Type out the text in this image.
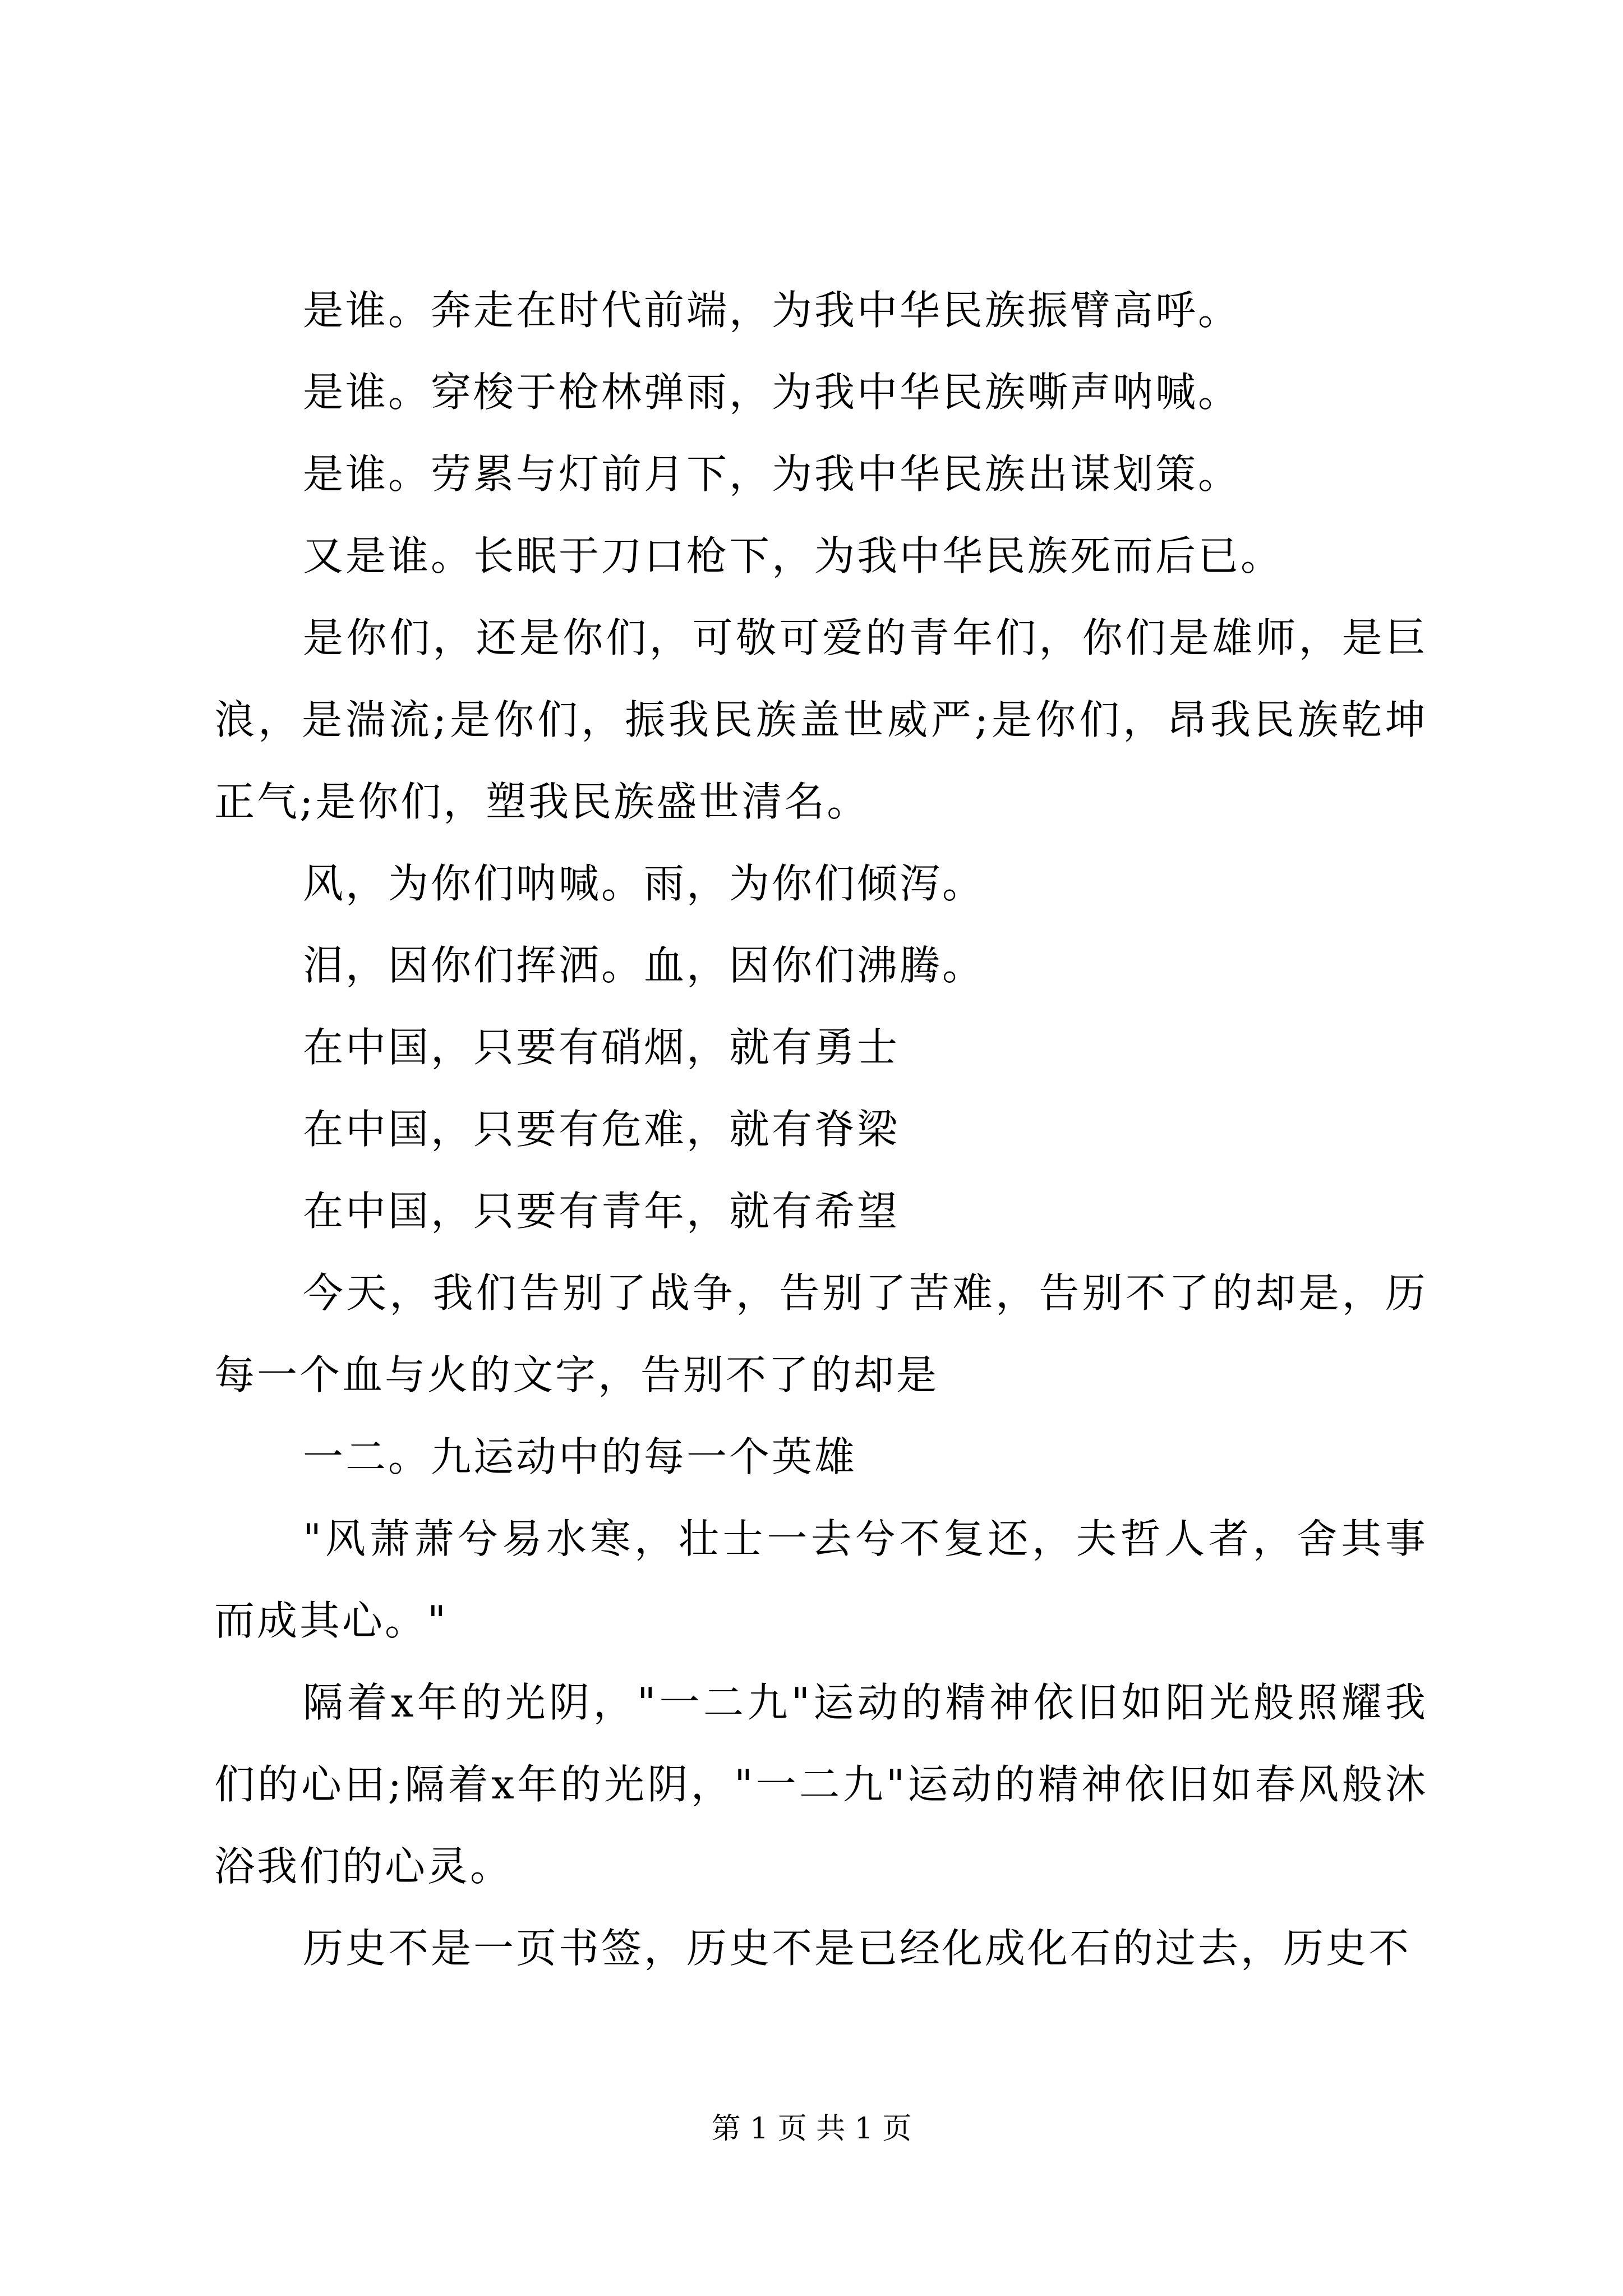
是谁。奔走在时代前端，为我中华民族振臂高呼。

是谁。穿梭于枪林弹雨，为我中华民族嘶声呐喊。

是谁。劳累与灯前月下，为我中华民族出谋划策。

又是谁。长眠于刀口枪下，为我中华民族死而后已。

是你们，还是你们，可敬可爱的青年们，你们是雄师，是巨浪，是湍流;是你们，振我民族盖世威严;是你们，昂我民族乾坤正气;是你们，塑我民族盛世清名。

风，为你们呐喊。雨，为你们倾泻。

泪，因你们挥洒。血，因你们沸腾。

在中国，只要有硝烟，就有勇士

在中国，只要有危难，就有脊梁

在中国，只要有青年，就有希望

今天，我们告别了战争，告别了苦难，告别不了的却是，历每一个血与火的文字，告别不了的却是

一二。九运动中的每一个英雄

"风萧萧兮易水寒，壮士一去兮不复还，夫哲人者，舍其事而成其心。"

隔着x年的光阴，"一二九"运动的精神依旧如阳光般照耀我们的心田;隔着x年的光阴，"一二九"运动的精神依旧如春风般沐浴我们的心灵。

历史不是一页书签，历史不是已经化成化石的过去，历史不

第 1 页 共 1 页
